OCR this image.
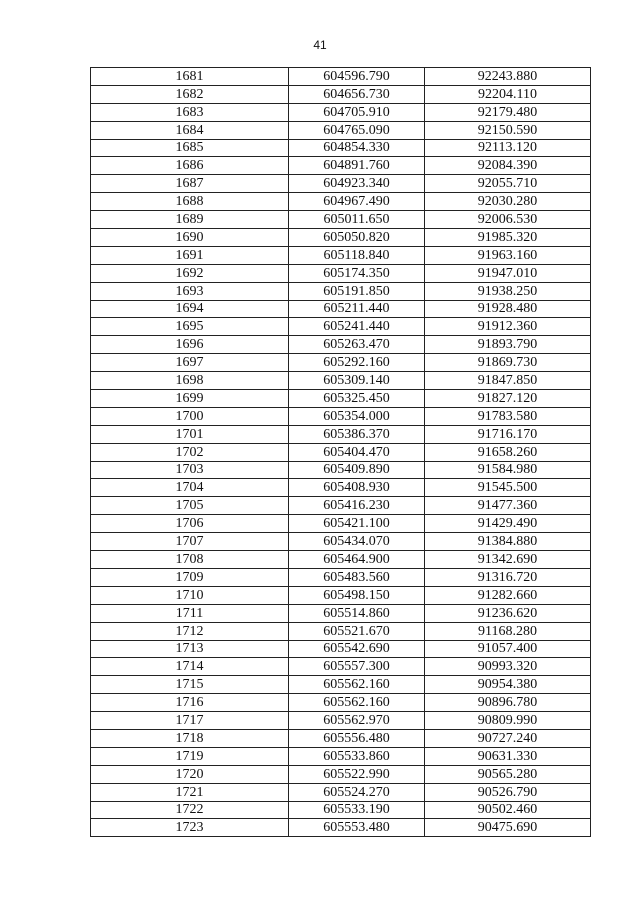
41
1681	604596.790	92243.880
1682	604656.730	92204.110
1683	604705.910	92179.480
1684	604765.090	92150.590
1685	604854.330	92113.120
1686	604891.760	92084.390
1687	604923.340	92055.710
1688	604967.490	92030.280
1689	605011.650	92006.530
1690	605050.820	91985.320
1691	605118.840	91963.160
1692	605174.350	91947.010
1693	605191.850	91938.250
1694	605211.440	91928.480
1695	605241.440	91912.360
1696	605263.470	91893.790
1697	605292.160	91869.730
1698	605309.140	91847.850
1699	605325.450	91827.120
1700	605354.000	91783.580
1701	605386.370	91716.170
1702	605404.470	91658.260
1703	605409.890	91584.980
1704	605408.930	91545.500
1705	605416.230	91477.360
1706	605421.100	91429.490
1707	605434.070	91384.880
1708	605464.900	91342.690
1709	605483.560	91316.720
1710	605498.150	91282.660
1711	605514.860	91236.620
1712	605521.670	91168.280
1713	605542.690	91057.400
1714	605557.300	90993.320
1715	605562.160	90954.380
1716	605562.160	90896.780
1717	605562.970	90809.990
1718	605556.480	90727.240
1719	605533.860	90631.330
1720	605522.990	90565.280
1721	605524.270	90526.790
1722	605533.190	90502.460
1723	605553.480	90475.690
